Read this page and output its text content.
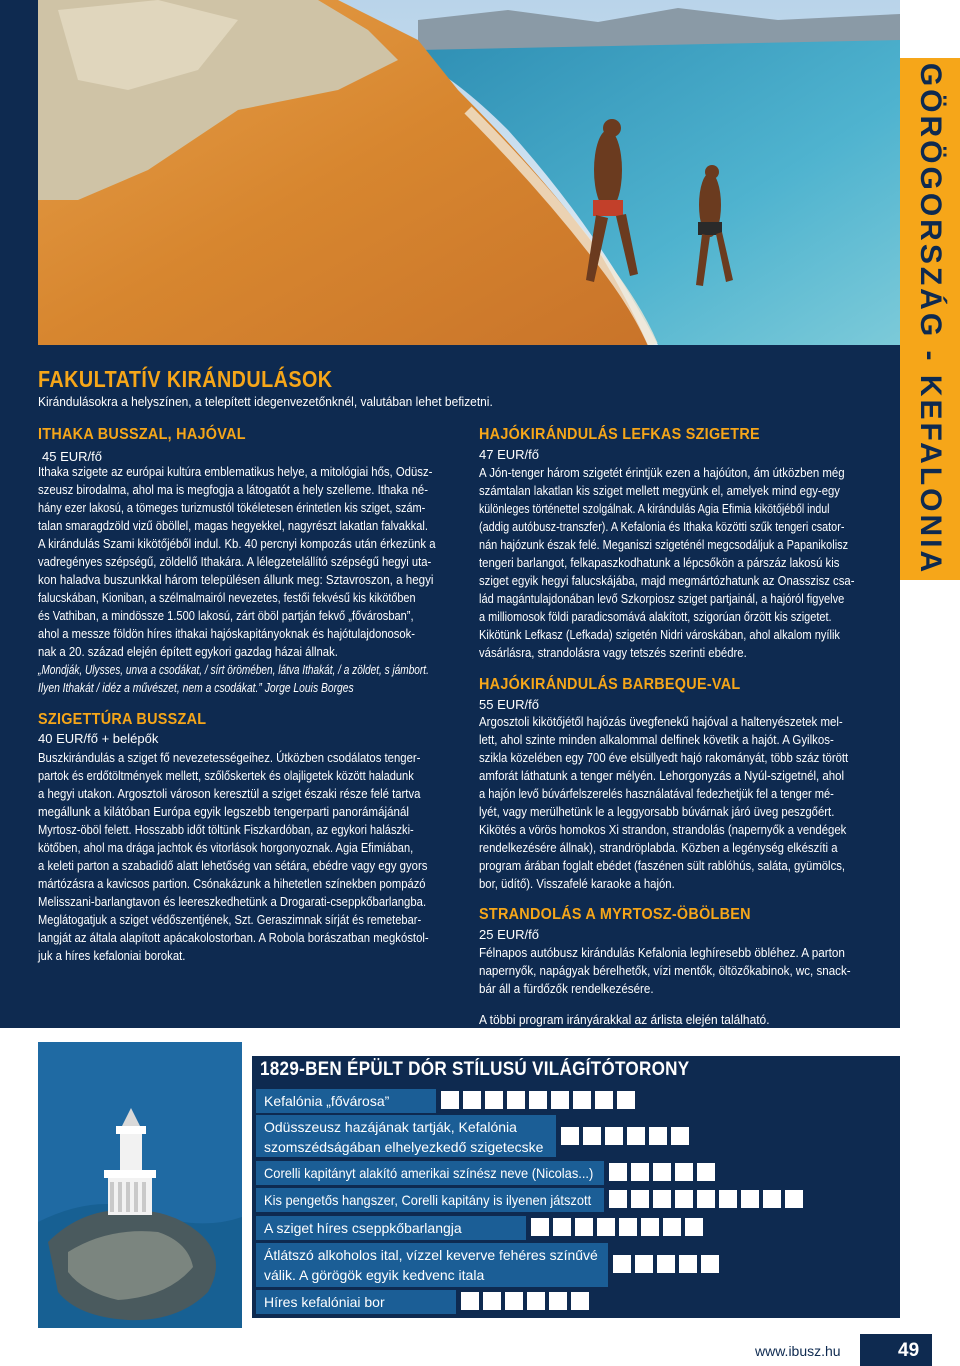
GÖRÖGORSZÁG - KEFALONIA
FAKULTATÍV KIRÁNDULÁSOK
Kirándulásokra a helyszínen, a telepített idegenvezetőnknél, valutában lehet befizetni.
ITHAKA BUSSZAL, HAJÓVAL
45 EUR/fő
Ithaka szigete az európai kultúra emblematikus helye, a mitológiai hős, Odüsz-
szeusz birodalma, ahol ma is megfogja a látogatót a hely szelleme. Ithaka né-
hány ezer lakosú, a tömeges turizmustól tökéletesen érintetlen kis sziget, szám-
talan smaragdzöld vizű öböllel, magas hegyekkel, nagyrészt lakatlan falvakkal.
A kirándulás Szami kikötőjéből indul. Kb. 40 percnyi kompozás után érkezünk a
vadregényes szépségű, zöldellő Ithakára. A lélegzetelállító szépségű hegyi uta-
kon haladva buszunkkal három településen állunk meg: Sztavroszon, a hegyi
falucskában, Kioniban, a szélmalmairól nevezetes, festői fekvésű kis kikötőben
és Vathiban, a mindössze 1.500 lakosú, zárt öböl partján fekvő „fővárosban”,
ahol a messze földön híres ithakai hajóskapitányoknak és hajótulajdonosok-
nak a 20. század elején épített egykori gazdag házai állnak.
„Mondják, Ulysses, unva a csodákat, / sírt örömében, látva Ithakát, / a zöldet, s jámbort.
Ilyen Ithakát / idéz a művészet, nem a csodákat.” Jorge Louis Borges
SZIGETTÚRA BUSSZAL
40 EUR/fő + belépők
Buszkirándulás a sziget fő nevezetességeihez. Útközben csodálatos tenger-
partok és erdőtöltmények mellett, szőlőskertek és olajligetek között haladunk
a hegyi utakon. Argosztoli városon keresztül a sziget északi része felé tartva
megállunk a kilátóban Európa egyik legszebb tengerparti panorámájánál
Myrtosz-öböl felett. Hosszabb időt töltünk Fiszkardóban, az egykori halászki-
kötőben, ahol ma drága jachtok és vitorlások horgonyoznak. Agia Efimiában,
a keleti parton a szabadidő alatt lehetőség van sétára, ebédre vagy egy gyors
mártózásra a kavicsos partion. Csónakázunk a hihetetlen színekben pompázó
Melisszani-barlangtavon és leereszkedhetünk a Drogarati-cseppkőbarlangba.
Meglátogatjuk a sziget védőszentjének, Szt. Geraszimnak sírját és remetebar-
langját az általa alapított apácakolostorban. A Robola borászatban megkóstol-
juk a híres kefaloniai borokat.
HAJÓKIRÁNDULÁS LEFKAS SZIGETRE
47 EUR/fő
A Jón-tenger három szigetét érintjük ezen a hajóúton, ám útközben még
számtalan lakatlan kis sziget mellett megyünk el, amelyek mind egy-egy
különleges történettel szolgálnak. A kirándulás Agia Efimia kikötőjéből indul
(addig autóbusz-transzfer). A Kefalonia és Ithaka közötti szűk tengeri csator-
nán hajózunk észak felé. Meganiszi szigeténél megcsodáljuk a Papanikolisz
tengeri barlangot, felkapaszkodhatunk a lépcsőkön a párszáz lakosú kis
sziget egyik hegyi falucskájába, majd megmártózhatunk az Onasszisz csa-
lád magántulajdonában levő Szkorpiosz sziget partjainál, a hajóról figyelve
a milliomosok földi paradicsomává alakított, szigorúan őrzött kis szigetet.
Kikötünk Lefkasz (Lefkada) szigetén Nidri városkában, ahol alkalom nyílik
vásárlásra, strandolásra vagy tetszés szerinti ebédre.
HAJÓKIRÁNDULÁS BARBEQUE-VAL
55 EUR/fő
Argosztoli kikötőjétől hajózás üvegfenekű hajóval a haltenyészetek mel-
lett, ahol szinte minden alkalommal delfinek követik a hajót. A Gyilkos-
sziklа közelében egy 700 éve elsüllyedt hajó rakományát, több száz törött
amforát láthatunk a tenger mélyén. Lehorgonyzás a Nyúl-szigetnél, ahol
a hajón levő búvárfelszerelés használatával fedezhetjük fel a tenger mé-
lyét, vagy merülhetünk le a leggyorsabb búvárnak járó üveg peszgőért.
Kikötés a vörös homokos Xi strandon, strandolás (napernyők a vendégek
rendelkezésére állnak), strandröplabda. Közben a legénység elkészíti a
program árában foglalt ebédet (faszénen sült rablóhús, saláta, gyümölcs,
bor, üdítő). Visszafelé karaoke a hajón.
STRANDOLÁS A MYRTOSZ-ÖBÖLBEN
25 EUR/fő
Félnapos autóbusz kirándulás Kefalonia leghíresebb öbléhez. A parton
napernyők, napágyak bérelhetők, vízi mentők, öltözőkabinok, wc, snack-
bár áll a fürdőzők rendelkezésére.
A többi program irányárakkal az árlista elején található.
1829-BEN ÉPÜLT DÓR STÍLUSÚ VILÁGÍTÓTORONY
Kefalónia „fővárosa”
Odüsszeusz hazájának tartják, Kefalónia szomszédságában elhelyezkedő szigetecske
Corelli kapitányt alakító amerikai színész neve (Nicolas...)
Kis pengetős hangszer, Corelli kapitány is ilyenen játszott
A sziget híres cseppkőbarlangja
Átlátszó alkoholos ital, vízzel keverve fehéres színűvé válik. A görögök egyik kedvenc itala
Híres kefalóniai bor
www.ibusz.hu	49
